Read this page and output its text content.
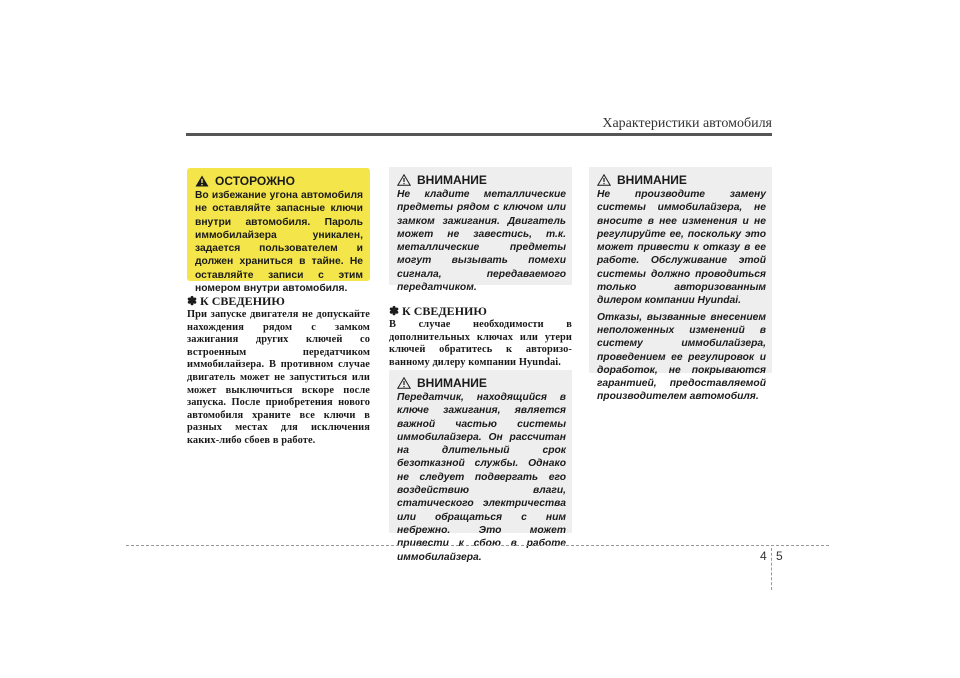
Характеристики автомобиля
ОСТОРОЖНО

Во избежание угона автомобиля не оставляйте запасные ключи внутри автомобиля. Пароль иммобилайзера уникален, задается пользователем и должен храниться в тайне. Не оставляйте записи с этим номером внутри автомобиля.

✽ К СВЕДЕНИЮ
При запуске двигателя не допускайте нахождения рядом с замком зажигания других ключей со встроенным передатчиком иммобилайзера. В противном случае двигатель может не запуститься или может выключиться вскоре после запуска. После приобретения нового автомобиля храните все ключи в разных местах для исключения каких-либо сбоев в работе.
ВНИМАНИЕ

Не кладите металлические предметы рядом с ключом или замком зажигания. Двигатель может не завестись, т.к. металлические предметы могут вызывать помехи сигнала, передаваемого передатчиком.

✽ К СВЕДЕНИЮ
В случае необходимости в дополнительных ключах или утери ключей обратитесь к авторизо-ванному дилеру компании Hyundai.
ВНИМАНИЕ

Передатчик, находящийся в ключе зажигания, является важной частью системы иммобилайзера. Он рассчитан на длительный срок безотказной службы. Однако не следует подвергать его воздействию влаги, статического электричества или обращаться с ним небрежно. Это может привести к сбою в работе иммобилайзера.

ВНИМАНИЕ

Не производите замену системы иммобилайзера, не вносите в нее изменения и не регулируйте ее, поскольку это может привести к отказу в ее работе. Обслуживание этой системы должно проводиться только авторизованным дилером компании Hyundai.

Отказы, вызванные внесением неположенных изменений в систему иммобилайзера, проведением ее регулировок и доработок, не покрываются гарантией, предоставляемой производителем автомобиля.

4 5
